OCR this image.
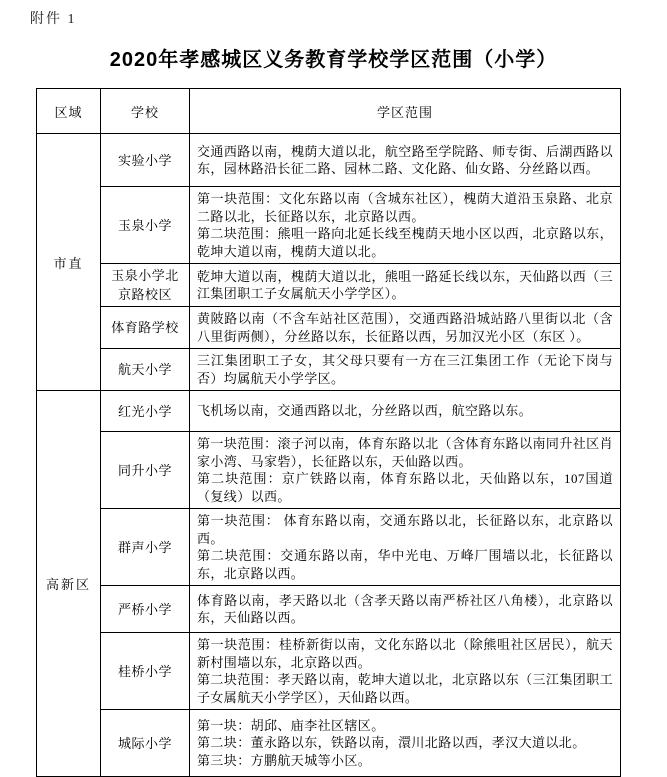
附件 1
2020年孝感城区义务教育学校学区范围（小学）
区域	学校	学区范围
市直	实验小学	交通西路以南，槐荫大道以北，航空路至学院路、师专街、后湖西路以东，园林路沿长征二路、园林二路、文化路、仙女路、分丝路以西。

	玉泉小学	第一块范围：文化东路以南（含城东社区），槐荫大道沿玉泉路、北京二路以北，长征路以东，北京路以西。
第二块范围：熊咀一路向北延长线至槐荫天地小区以西，北京路以东，乾坤大道以南，槐荫大道以北。

	玉泉小学北京路校区	乾坤大道以南，槐荫大道以北，熊咀一路延长线以东，天仙路以西（三江集团职工子女属航天小学学区）。

	体育路学校	黄陂路以南（不含车站社区范围），交通西路沿城站路八里街以北（含八里街两侧），分丝路以东，长征路以西，另加汉光小区（东区 ）。

	航天小学	三江集团职工子女，其父母只要有一方在三江集团工作（无论下岗与否）均属航天小学学区。

高新区	红光小学	飞机场以南，交通西路以北，分丝路以西，航空路以东。

	同升小学	第一块范围：滚子河以南，体育东路以北（含体育东路以南同升社区肖家小湾、马家砦），长征路以东，天仙路以西。
第二块范围：京广铁路以南，体育东路以北，天仙路以东，107国道（复线）以西。

	群声小学	第一块范围： 体育东路以南，交通东路以北，长征路以东，北京路以西。
第二块范围：交通东路以南，华中光电、万峰厂围墙以北，长征路以东，北京路以西。

	严桥小学	体育路以南，孝天路以北（含孝天路以南严桥社区八角楼），北京路以东，天仙路以西。

	桂桥小学	第一块范围：桂桥新街以南，文化东路以北（除熊咀社区居民），航天新村围墙以东，北京路以西。
第二块范围：孝天路以南，乾坤大道以北，北京路以东（三江集团职工子女属航天小学学区），天仙路以西。

	城际小学	第一块：胡邱、庙李社区辖区。
第二块：董永路以东，铁路以南，澴川北路以西，孝汉大道以北。
第三块：方鹏航天城等小区。
